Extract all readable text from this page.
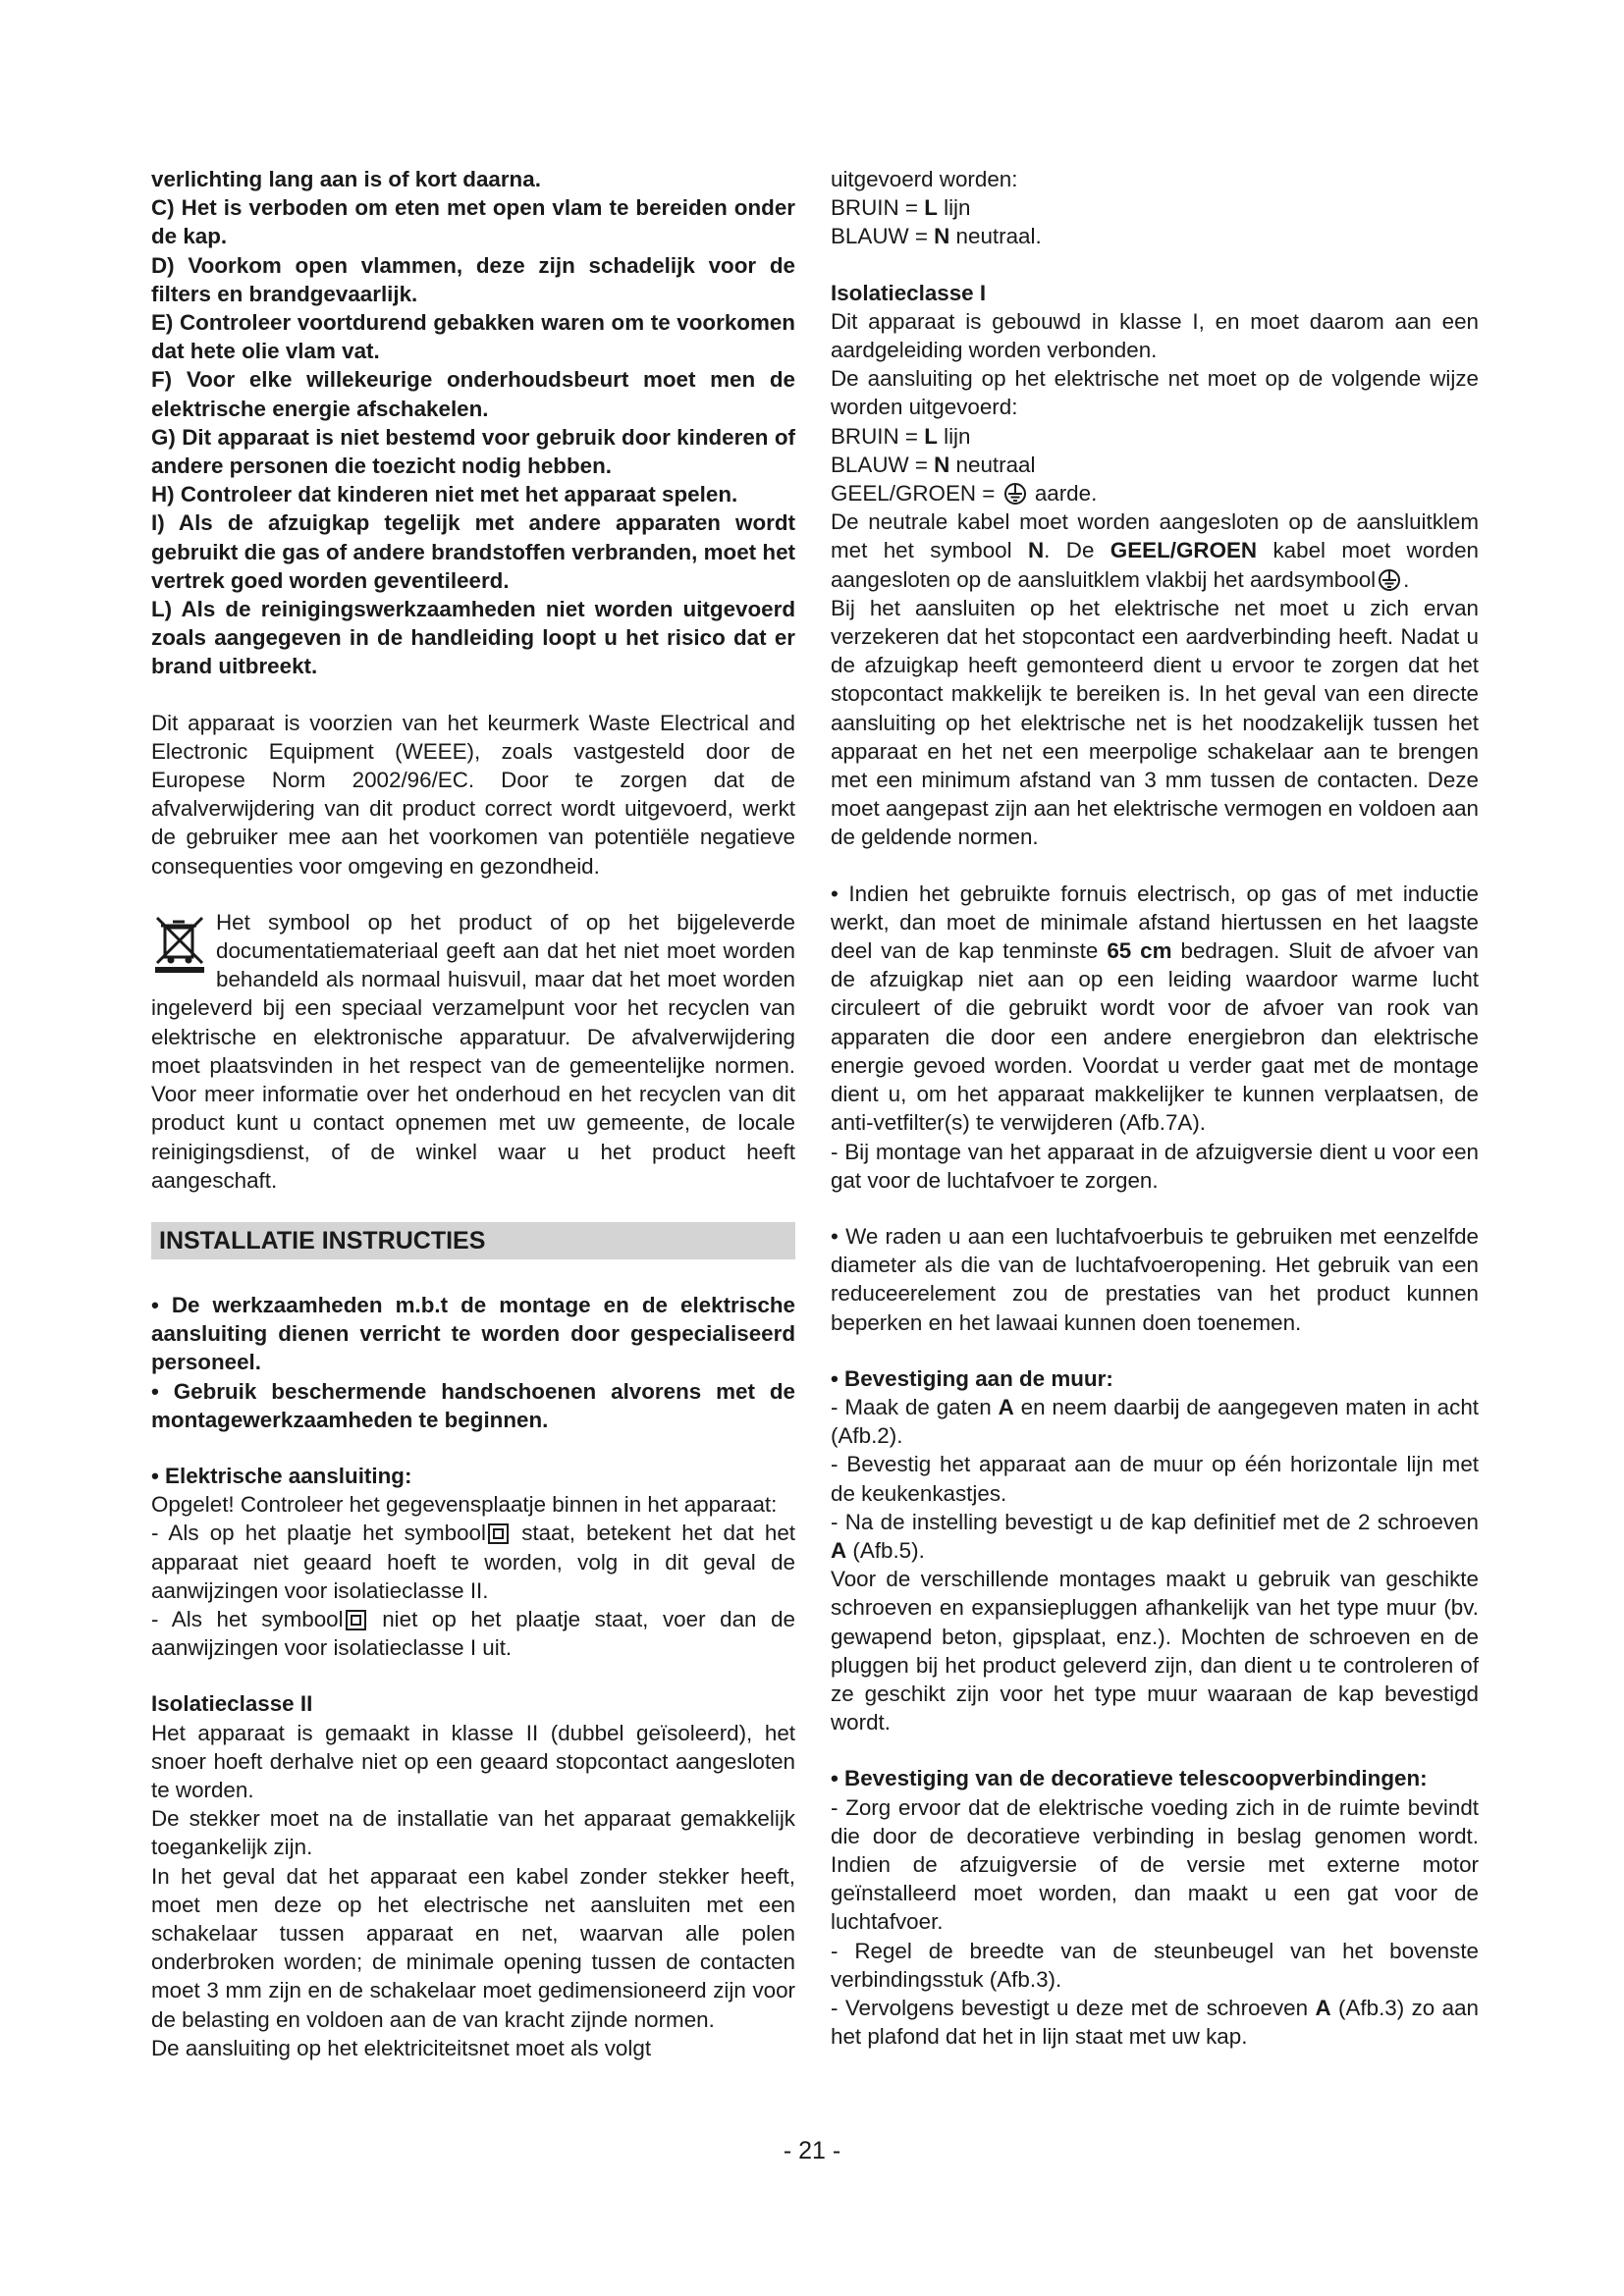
verlichting lang aan is of kort daarna.

C) Het is verboden om eten met open vlam te bereiden onder de kap.

D) Voorkom open vlammen, deze zijn schadelijk voor de filters en brandgevaarlijk.

E) Controleer voortdurend gebakken waren om te voorkomen dat hete olie vlam vat.

F) Voor elke willekeurige onderhoudsbeurt moet men de elektrische energie afschakelen.

G) Dit apparaat is niet bestemd voor gebruik door kinderen of andere personen die toezicht nodig hebben.

H) Controleer dat kinderen niet met het apparaat spelen.

I) Als de afzuigkap tegelijk met andere apparaten wordt gebruikt die gas of andere brandstoffen verbranden, moet het vertrek goed worden geventileerd.

L) Als de reinigingswerkzaamheden niet worden uitgevoerd zoals aangegeven in de handleiding loopt u het risico dat er brand uitbreekt.

Dit apparaat is voorzien van het keurmerk Waste Electrical and Electronic Equipment (WEEE), zoals vastgesteld door de Europese Norm 2002/96/EC. Door te zorgen dat de afvalverwijdering van dit product correct wordt uitgevoerd, werkt de gebruiker mee aan het voorkomen van potentiële negatieve consequenties voor omgeving en gezondheid.

Het symbool op het product of op het bijgeleverde documentatiemateriaal geeft aan dat het niet moet worden behandeld als normaal huisvuil, maar dat het moet worden ingeleverd bij een speciaal verzamelpunt voor het recyclen van elektrische en elektronische apparatuur. De afvalverwijdering moet plaatsvinden in het respect van de gemeentelijke normen. Voor meer informatie over het onderhoud en het recyclen van dit product kunt u contact opnemen met uw gemeente, de locale reinigingsdienst, of de winkel waar u het product heeft aangeschaft.

INSTALLATIE INSTRUCTIES

• De werkzaamheden m.b.t de montage en de elektrische aansluiting dienen verricht te worden door gespecialiseerd personeel.

• Gebruik beschermende handschoenen alvorens met de montagewerkzaamheden te beginnen.

• Elektrische aansluiting:

Opgelet! Controleer het gegevensplaatje binnen in het apparaat:

- Als op het plaatje het symbool staat, betekent het dat het apparaat niet geaard hoeft te worden, volg in dit geval de aanwijzingen voor isolatieclasse II.

- Als het symbool niet op het plaatje staat, voer dan de aanwijzingen voor isolatieclasse I uit.

Isolatieclasse II

Het apparaat is gemaakt in klasse II (dubbel geïsoleerd), het snoer hoeft derhalve niet op een geaard stopcontact aangesloten te worden.

De stekker moet na de installatie van het apparaat gemakkelijk toegankelijk zijn.

In het geval dat het apparaat een kabel zonder stekker heeft, moet men deze op het electrische net aansluiten met een schakelaar tussen apparaat en net, waarvan alle polen onderbroken worden; de minimale opening tussen de contacten moet 3 mm zijn en de schakelaar moet gedimensioneerd zijn voor de belasting en voldoen aan de van kracht zijnde normen.

De aansluiting op het elektriciteitsnet moet als volgt

uitgevoerd worden:

BRUIN = L lijn

BLAUW = N neutraal.

Isolatieclasse I

Dit apparaat is gebouwd in klasse I, en moet daarom aan een aardgeleiding worden verbonden.

De aansluiting op het elektrische net moet op de volgende wijze worden uitgevoerd:

BRUIN = L lijn

BLAUW = N neutraal

GEEL/GROEN =  aarde.

De neutrale kabel moet worden aangesloten op de aansluitklem met het symbool N. De GEEL/GROEN kabel moet worden aangesloten op de aansluitklem vlakbij het aardsymbool .

Bij het aansluiten op het elektrische net moet u zich ervan verzekeren dat het stopcontact een aardverbinding heeft. Nadat u de afzuigkap heeft gemonteerd dient u ervoor te zorgen dat het stopcontact makkelijk te bereiken is. In het geval van een directe aansluiting op het elektrische net is het noodzakelijk tussen het apparaat en het net een meerpolige schakelaar aan te brengen met een minimum afstand van 3 mm tussen de contacten. Deze moet aangepast zijn aan het elektrische vermogen en voldoen aan de geldende normen.

• Indien het gebruikte fornuis electrisch, op gas of met inductie werkt, dan moet de minimale afstand hiertussen en het laagste deel van de kap tenminste 65 cm bedragen. Sluit de afvoer van de afzuigkap niet aan op een leiding waardoor warme lucht circuleert of die gebruikt wordt voor de afvoer van rook van apparaten die door een andere energiebron dan elektrische energie gevoed worden. Voordat u verder gaat met de montage dient u, om het apparaat makkelijker te kunnen verplaatsen, de anti-vetfilter(s) te verwijderen (Afb.7A).

- Bij montage van het apparaat in de afzuigversie dient u voor een gat voor de luchtafvoer te zorgen.

• We raden u aan een luchtafvoerbuis te gebruiken met eenzelfde diameter als die van de luchtafvoeropening. Het gebruik van een reduceerelement zou de prestaties van het product kunnen beperken en het lawaai kunnen doen toenemen.

• Bevestiging aan de muur:

- Maak de gaten A en neem daarbij de aangegeven maten in acht (Afb.2).

- Bevestig het apparaat aan de muur op één horizontale lijn met de keukenkastjes.

- Na de instelling bevestigt u de kap definitief met de 2 schroeven A (Afb.5).

Voor de verschillende montages maakt u gebruik van geschikte schroeven en expansiepluggen afhankelijk van het type muur (bv. gewapend beton, gipsplaat, enz.). Mochten de schroeven en de pluggen bij het product geleverd zijn, dan dient u te controleren of ze geschikt zijn voor het type muur waaraan de kap bevestigd wordt.

• Bevestiging van de decoratieve telescoopverbindingen:

- Zorg ervoor dat de elektrische voeding zich in de ruimte bevindt die door de decoratieve verbinding in beslag genomen wordt. Indien de afzuigversie of de versie met externe motor geïnstalleerd moet worden, dan maakt u een gat voor de luchtafvoer.

- Regel de breedte van de steunbeugel van het bovenste verbindingsstuk (Afb.3).

- Vervolgens bevestigt u deze met de schroeven A (Afb.3) zo aan het plafond dat het in lijn staat met uw kap.

- 21 -
